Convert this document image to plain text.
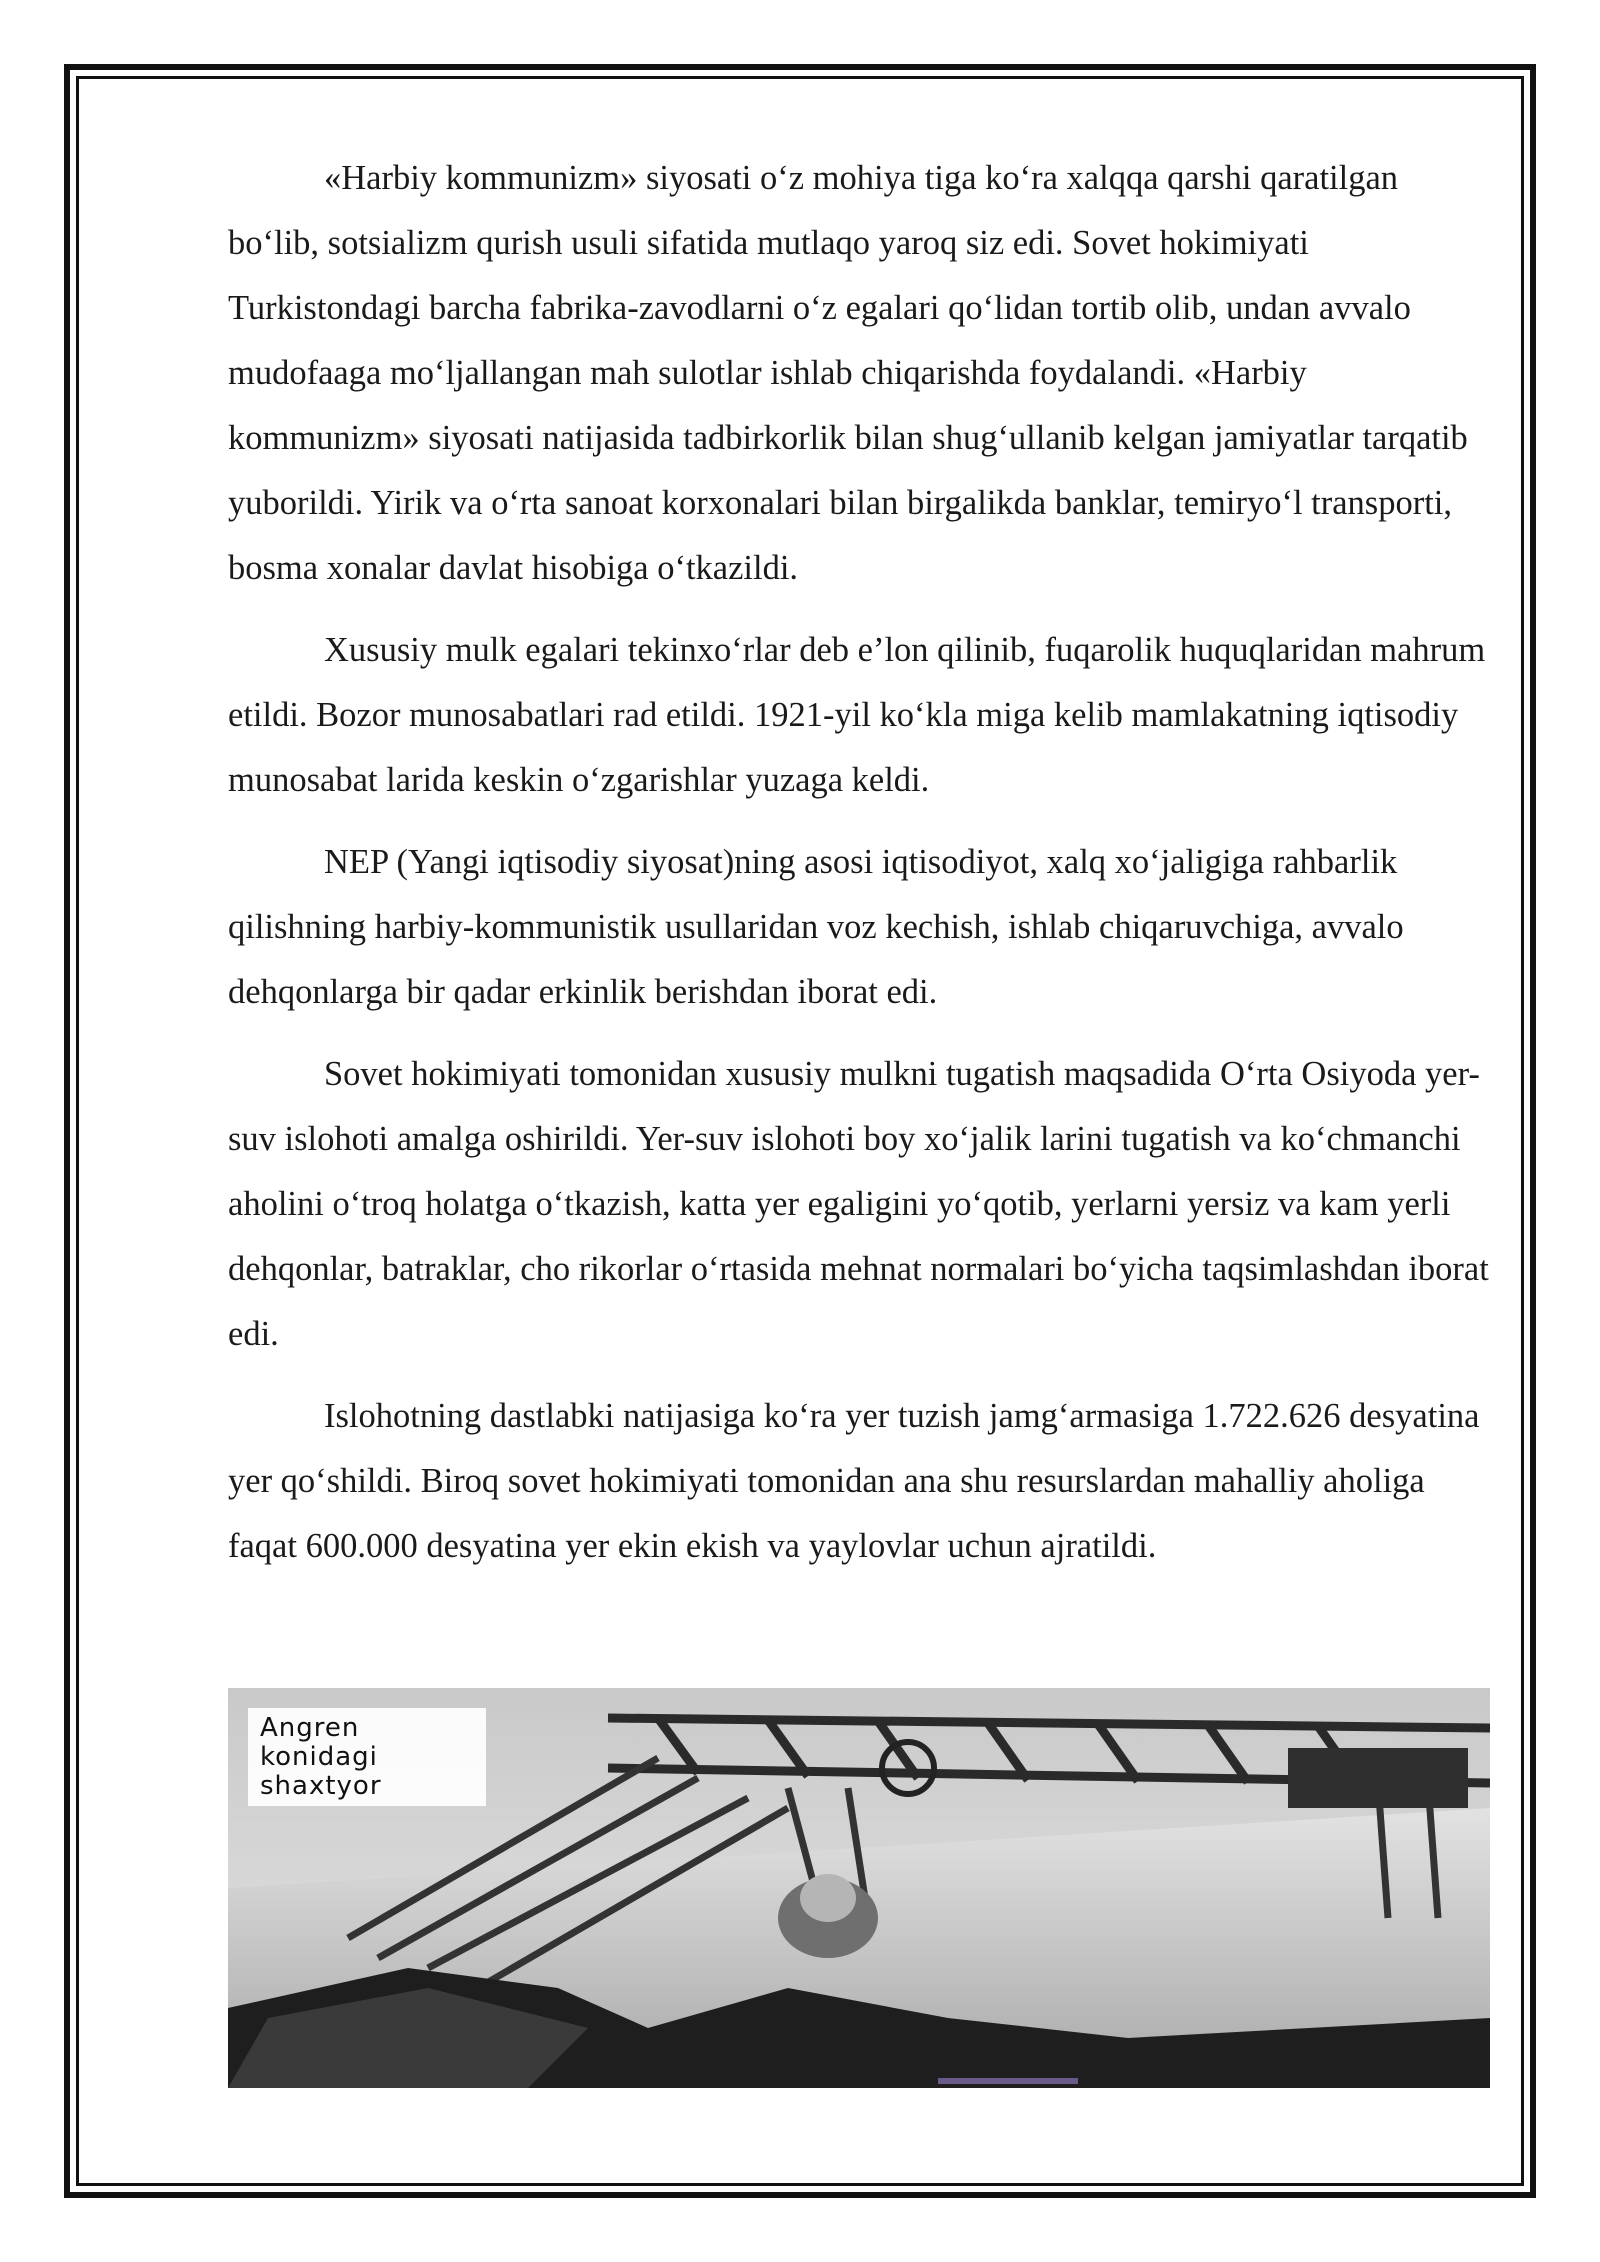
«Harbiy kommunizm» siyosati oʻz mohiya tiga koʻra xalqqa qarshi qaratilgan boʻlib, sotsializm qurish usuli sifatida mutlaqo yaroq siz edi. Sovet hokimiyati Turkistondagi barcha fabrika-zavodlarni oʻz egalari qoʻlidan tortib olib, undan avvalo mudofaaga moʻljallangan mah sulotlar ishlab chiqarishda foydalandi. «Harbiy kommunizm» siyosati natijasida tadbirkorlik bilan shugʻullanib kelgan jamiyatlar tarqatib yuborildi. Yirik va oʻrta sanoat korxonalari bilan birgalikda banklar, temiryoʻl transporti, bosma xonalar davlat hisobiga oʻtkazildi.

Xususiy mulk egalari tekinxoʻrlar deb e’lon qilinib, fuqarolik huquqlaridan mahrum etildi. Bozor munosabatlari rad etildi. 1921-yil koʻkla miga kelib mamlakatning iqtisodiy munosabat larida keskin oʻzgarishlar yuzaga keldi.

NEP (Yangi iqtisodiy siyosat)ning asosi iqtisodiyot, xalq xoʻjaligiga rahbarlik qilishning harbiy-kommunistik usullaridan voz kechish, ishlab chiqaruvchiga, avvalo dehqonlarga bir qadar erkinlik berishdan iborat edi.

Sovet hokimiyati tomonidan xususiy mulkni tugatish maqsadida Oʻrta Osiyoda yer-suv islohoti amalga oshirildi. Yer-suv islohoti boy xoʻjalik larini tugatish va koʻchmanchi aholini oʻtroq holatga oʻtkazish, katta yer egaligini yoʻqotib, yerlarni yersiz va kam yerli dehqonlar, batraklar, cho rikorlar oʻrtasida mehnat normalari boʻyicha taqsimlashdan iborat edi.

Islohotning dastlabki natijasiga koʻra yer tuzish jamgʻarmasiga 1.722.626 desyatina yer qoʻshildi. Biroq sovet hokimiyati tomonidan ana shu resurslardan mahalliy aholiga faqat 600.000 desyatina yer ekin ekish va yaylovlar uchun ajratildi.

Angren
konidagi
shaxtyor
